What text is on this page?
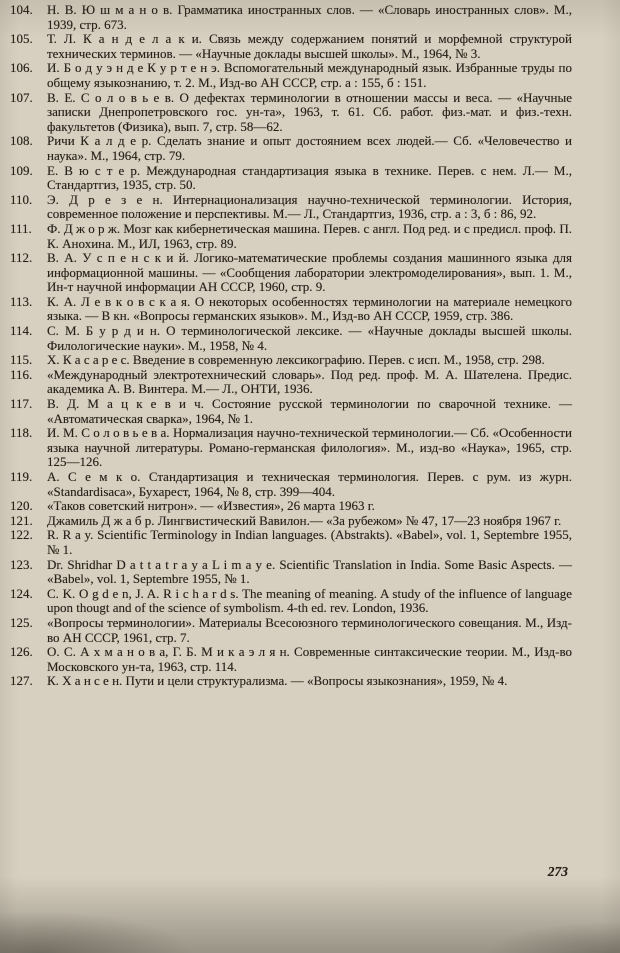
104. Н. В. Ю ш м а н о в. Грамматика иностранных слов. — «Словарь иностранных слов». М., 1939, стр. 673.
105. Т. Л. К а н д е л а к и. Связь между содержанием понятий и морфемной структурой технических терминов. — «Научные доклады высшей школы». М., 1964, № 3.
106. И. Б о д у э н д е К у р т е н э. Вспомогательный международный язык. Избранные труды по общему языкознанию, т. 2. М., Изд-во АН СССР, стр. а : 155, б : 151.
107. В. Е. С о л о в ь е в. О дефектах терминологии в отношении массы и веса. — «Научные записки Днепропетровского гос. ун-та», 1963, т. 61. Сб. работ. физ.-мат. и физ.-техн. факультетов (Физика), вып. 7, стр. 58—62.
108. Ричи К а л д е р. Сделать знание и опыт достоянием всех людей.— Сб. «Человечество и наука». М., 1964, стр. 79.
109. Е. В ю с т е р. Международная стандартизация языка в технике. Перев. с нем. Л.— М., Стандартгиз, 1935, стр. 50.
110. Э. Д р е з е н. Интернационализация научно-технической терминологии. История, современное положение и перспективы. М.— Л., Стандартгиз, 1936, стр. а : 3, б : 86, 92.
111. Ф. Д ж о р ж. Мозг как кибернетическая машина. Перев. с англ. Под ред. и с предисл. проф. П. К. Анохина. М., ИЛ, 1963, стр. 89.
112. В. А. У с п е н с к и й. Логико-математические проблемы создания машинного языка для информационной машины. — «Сообщения лаборатории электромоделирования», вып. 1. М., Ин-т научной информации АН СССР, 1960, стр. 9.
113. К. А. Л е в к о в с к а я. О некоторых особенностях терминологии на материале немецкого языка. — В кн. «Вопросы германских языков». М., Изд-во АН СССР, 1959, стр. 386.
114. С. М. Б у р д и н. О терминологической лексике. — «Научные доклады высшей школы. Филологические науки». М., 1958, № 4.
115. Х. К а с а р е с. Введение в современную лексикографию. Перев. с исп. М., 1958, стр. 298.
116. «Международный электротехнический словарь». Под ред. проф. М. А. Шателена. Предис. академика А. В. Винтера. М.— Л., ОНТИ, 1936.
117. В. Д. М а ц к е в и ч. Состояние русской терминологии по сварочной технике. — «Автоматическая сварка», 1964, № 1.
118. И. М. С о л о в ь е в а. Нормализация научно-технической терминологии.— Сб. «Особенности языка научной литературы. Романо-германская филология». М., изд-во «Наука», 1965, стр. 125—126.
119. А. С е м к о. Стандартизация и техническая терминология. Перев. с рум. из журн. «Standardisaca», Бухарест, 1964, № 8, стр. 399—404.
120. «Таков советский нитрон». — «Известия», 26 марта 1963 г.
121. Джамиль Д ж а б р. Лингвистический Вавилон.— «За рубежом» № 47, 17—23 ноября 1967 г.
122. R. R a y. Scientific Terminology in Indian languages. (Abstrakts). «Babel», vol. 1, Septembre 1955, № 1.
123. Dr. Shridhar D a t t a t r a y a L i m a y e. Scientific Translation in India. Some Basic Aspects. — «Babel», vol. 1, Septembre 1955, № 1.
124. C. K. O g d e n, J. A. R i c h a r d s. The meaning of meaning. A study of the influence of language upon thougt and of the science of symbolism. 4-th ed. rev. London, 1936.
125. «Вопросы терминологии». Материалы Всесоюзного терминологического совещания. М., Изд-во АН СССР, 1961, стр. 7.
126. О. С. А х м а н о в а, Г. Б. М и к а э л я н. Современные синтаксические теории. М., Изд-во Московского ун-та, 1963, стр. 114.
127. К. Х а н с е н. Пути и цели структурализма. — «Вопросы языкознания», 1959, № 4.
273
